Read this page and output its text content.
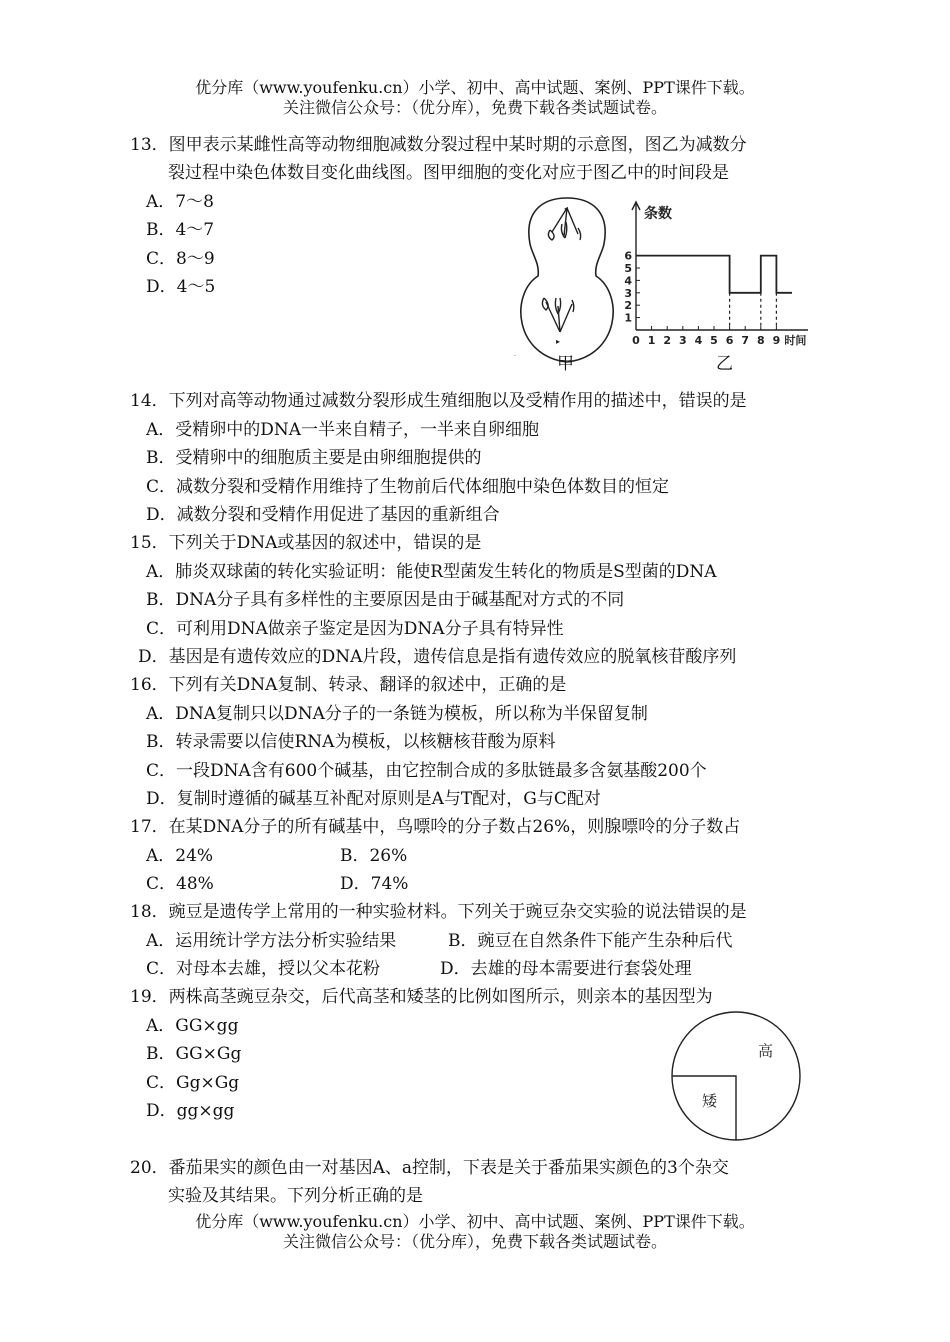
优分库（www.youfenku.cn）小学、初中、高中试题、案例、PPT课件下载。
关注微信公众号：（优分库），免费下载各类试题试卷。
13．图甲表示某雌性高等动物细胞减数分裂过程中某时期的示意图，图乙为减数分
裂过程中染色体数目变化曲线图。图甲细胞的变化对应于图乙中的时间段是
A．7～8
B．4～7
C．8～9
D．4～5
◂
▸
. 甲
条数
0 1 2 3 4 5 6 7 8 9 时间
1
2
3
4
5
6
乙
14．下列对高等动物通过减数分裂形成生殖细胞以及受精作用的描述中，错误的是
A．受精卵中的DNA一半来自精子，一半来自卵细胞
B．受精卵中的细胞质主要是由卵细胞提供的
C．减数分裂和受精作用维持了生物前后代体细胞中染色体数目的恒定
D．减数分裂和受精作用促进了基因的重新组合
15．下列关于DNA或基因的叙述中，错误的是
A．肺炎双球菌的转化实验证明：能使R型菌发生转化的物质是S型菌的DNA
B．DNA分子具有多样性的主要原因是由于碱基配对方式的不同
C．可利用DNA做亲子鉴定是因为DNA分子具有特异性
D．基因是有遗传效应的DNA片段，遗传信息是指有遗传效应的脱氧核苷酸序列
16．下列有关DNA复制、转录、翻译的叙述中，正确的是
A．DNA复制只以DNA分子的一条链为模板，所以称为半保留复制
B．转录需要以信使RNA为模板，以核糖核苷酸为原料
C．一段DNA含有600个碱基，由它控制合成的多肽链最多含氨基酸200个
D．复制时遵循的碱基互补配对原则是A与T配对，G与C配对
17．在某DNA分子的所有碱基中，鸟嘌呤的分子数占26%，则腺嘌呤的分子数占
A．24%	B．26%
C．48%	D．74%
18．豌豆是遗传学上常用的一种实验材料。下列关于豌豆杂交实验的说法错误的是
A．运用统计学方法分析实验结果	B．豌豆在自然条件下能产生杂种后代
C．对母本去雄，授以父本花粉	D．去雄的母本需要进行套袋处理
19．两株高茎豌豆杂交，后代高茎和矮茎的比例如图所示，则亲本的基因型为
A．GG×gg
B．GG×Gg
C．Gg×Gg
D．gg×gg
高
矮
20．番茄果实的颜色由一对基因A、a控制，下表是关于番茄果实颜色的3个杂交
实验及其结果。下列分析正确的是
优分库（www.youfenku.cn）小学、初中、高中试题、案例、PPT课件下载。
关注微信公众号：（优分库），免费下载各类试题试卷。
